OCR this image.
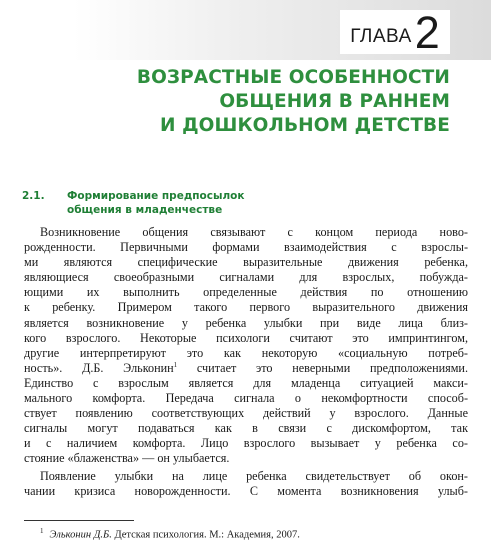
ГЛАВА 2
ВОЗРАСТНЫЕ ОСОБЕННОСТИ
ОБЩЕНИЯ В РАННЕМ
И ДОШКОЛЬНОМ ДЕТСТВЕ
2.1. Формирование предпосылок
общения в младенчестве
Возникновение общения связывают с концом периода ново-
рожденности. Первичными формами взаимодействия с взрослы-
ми являются специфические выразительные движения ребенка,
являющиеся своеобразными сигналами для взрослых, побужда-
ющими их выполнить определенные действия по отношению
к ребенку. Примером такого первого выразительного движения
является возникновение у ребенка улыбки при виде лица близ-
кого взрослого. Некоторые психологи считают это импринтингом,
другие интерпретируют это как некоторую «социальную потреб-
ность». Д.Б. Эльконин$^1$ считает это неверными предположениями.
Единство с взрослым является для младенца ситуацией макси-
мального комфорта. Передача сигнала о некомфортности способ-
ствует появлению соответствующих действий у взрослого. Данные
сигналы могут подаваться как в связи с дискомфортом, так
и с наличием комфорта. Лицо взрослого вызывает у ребенка со-
стояние «блаженства» — он улыбается.
Появление улыбки на лице ребенка свидетельствует об окон-
чании кризиса новорожденности. С момента возникновения улыб-
$^1$ Эльконин Д.Б. Детская психология. М.: Академия, 2007.
